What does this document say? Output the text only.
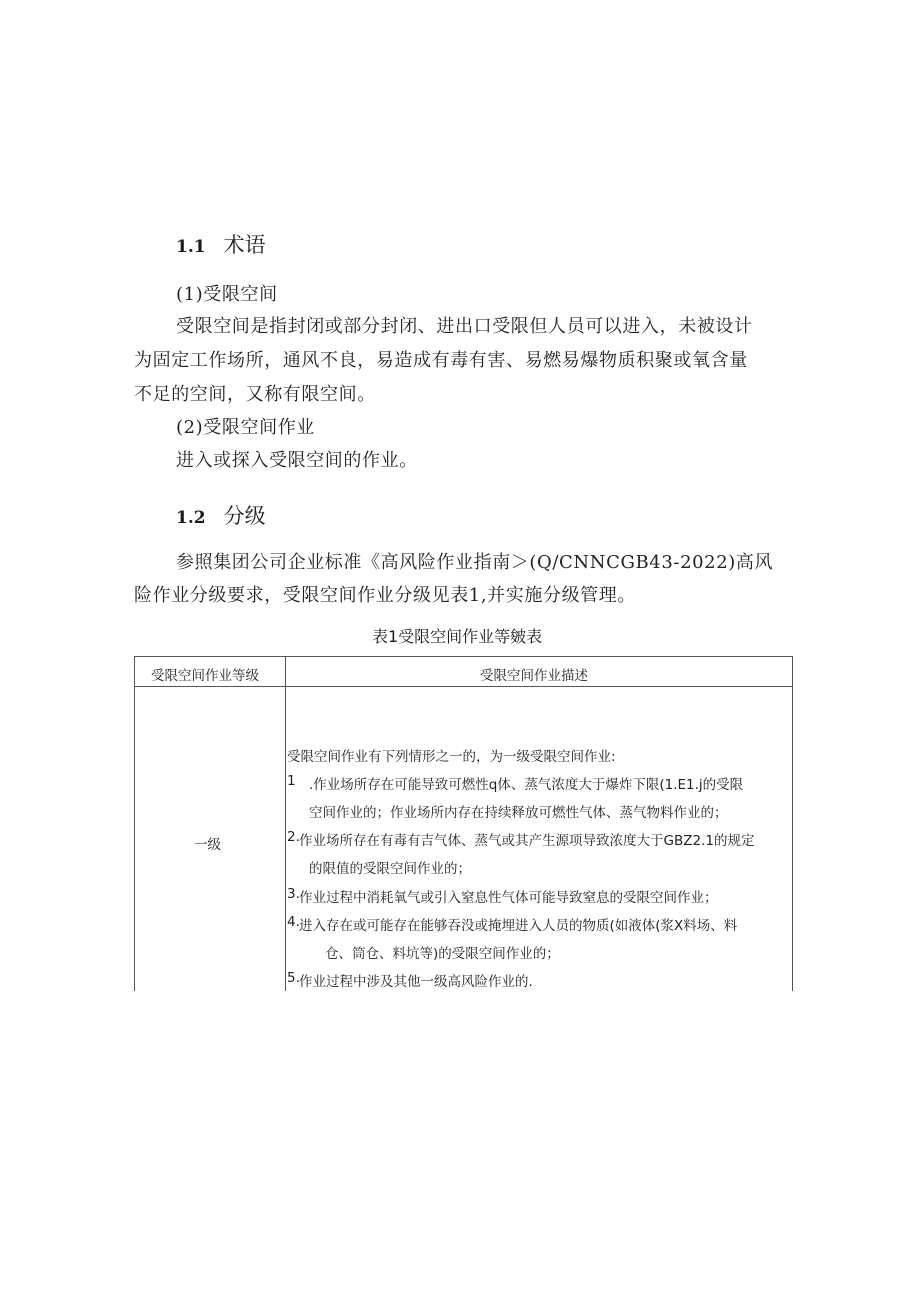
1.1 术语
(1)受限空间
受限空间是指封闭或部分封闭、进出口受限但人员可以进入，未被设计
为固定工作场所，通风不良，易造成有毒有害、易燃易爆物质积聚或氧含量
不足的空间，又称有限空间。
(2)受限空间作业
进入或探入受限空间的作业。
1.2 分级
参照集团公司企业标准《高风险作业指南＞(Q/CNNCGB43-2022)高风
险作业分级要求，受限空间作业分级见表1,并实施分级管理。
表1受限空间作业等皴表
受限空间作业等级	受限空间作业描述
一级
受限空间作业有下列情形之一的，为一级受限空间作业:
1 .作业场所存在可能导致可燃性q体、蒸气浓度大于爆炸下限(1.E1.j的受限
空间作业的；作业场所内存在持续释放可燃性气体、蒸气物料作业的；
2. 作业场所存在有毒有吉气体、蒸气或其产生源项导致浓度大于GBZ2.1的规定
的限值的受限空间作业的；
3. 作业过程中消耗氧气或引入窒息性气体可能导致窒息的受限空间作业；
4. 进入存在或可能存在能够吞没或掩埋进入人员的物质(如液体(浆X料场、料
仓、筒仓、料坑等)的受限空间作业的；
5. 作业过程中涉及其他一级高风险作业的.
